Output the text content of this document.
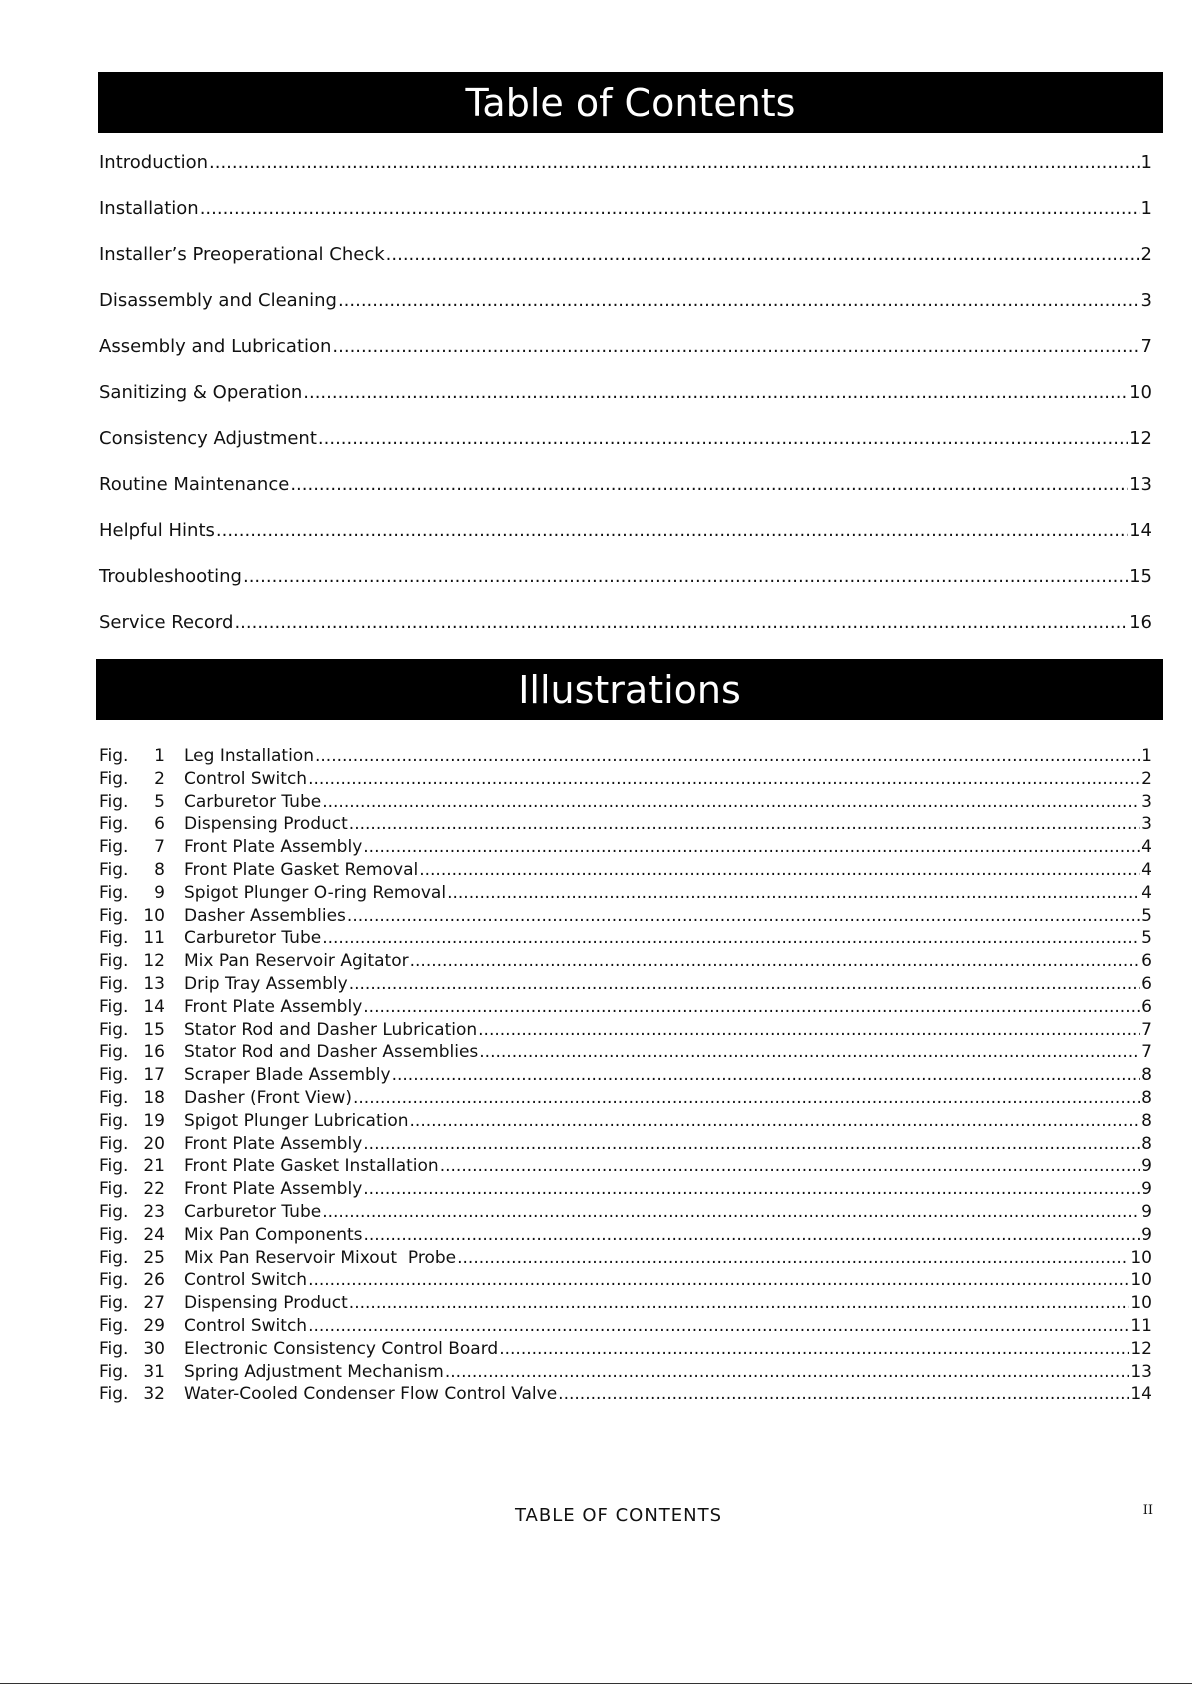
Table of Contents
Introduction .....	1
Installation .....	1
Installer’s Preoperational Check .....	2
Disassembly and Cleaning .....	3
Assembly and Lubrication .....	7
Sanitizing & Operation .....	10
Consistency Adjustment .....	12
Routine Maintenance .....	13
Helpful Hints .....	14
Troubleshooting .....	15
Service Record .....	16
Illustrations
Fig.	1 Leg Installation .....	1
Fig.	2 Control Switch .....	2
Fig.	5 Carburetor Tube .....	3
Fig.	6 Dispensing Product .....	3
Fig.	7 Front Plate Assembly .....	4
Fig.	8 Front Plate Gasket Removal .....	4
Fig.	9 Spigot Plunger O-ring Removal .....	4
Fig. 10 Dasher Assemblies .....	5
Fig. 11 Carburetor Tube .....	5
Fig. 12 Mix Pan Reservoir Agitator .....	6
Fig. 13 Drip Tray Assembly .....	6
Fig. 14 Front Plate Assembly .....	6
Fig. 15 Stator Rod and Dasher Lubrication .....	7
Fig. 16 Stator Rod and Dasher Assemblies .....	7
Fig. 17 Scraper Blade Assembly .....	8
Fig. 18 Dasher (Front View) .....	8
Fig. 19 Spigot Plunger Lubrication .....	8
Fig. 20 Front Plate Assembly .....	8
Fig. 21 Front Plate Gasket Installation .....	9
Fig. 22 Front Plate Assembly .....	9
Fig. 23 Carburetor Tube .....	9
Fig. 24 Mix Pan Components .....	9
Fig. 25 Mix Pan Reservoir Mixout  Probe .....	10
Fig. 26 Control Switch .....	10
Fig. 27 Dispensing Product .....	10
Fig. 29 Control Switch .....	11
Fig. 30 Electronic Consistency Control Board .....	12
Fig. 31 Spring Adjustment Mechanism .....	13
Fig. 32 Water-Cooled Condenser Flow Control Valve .....	14
TABLE OF CONTENTS	II
